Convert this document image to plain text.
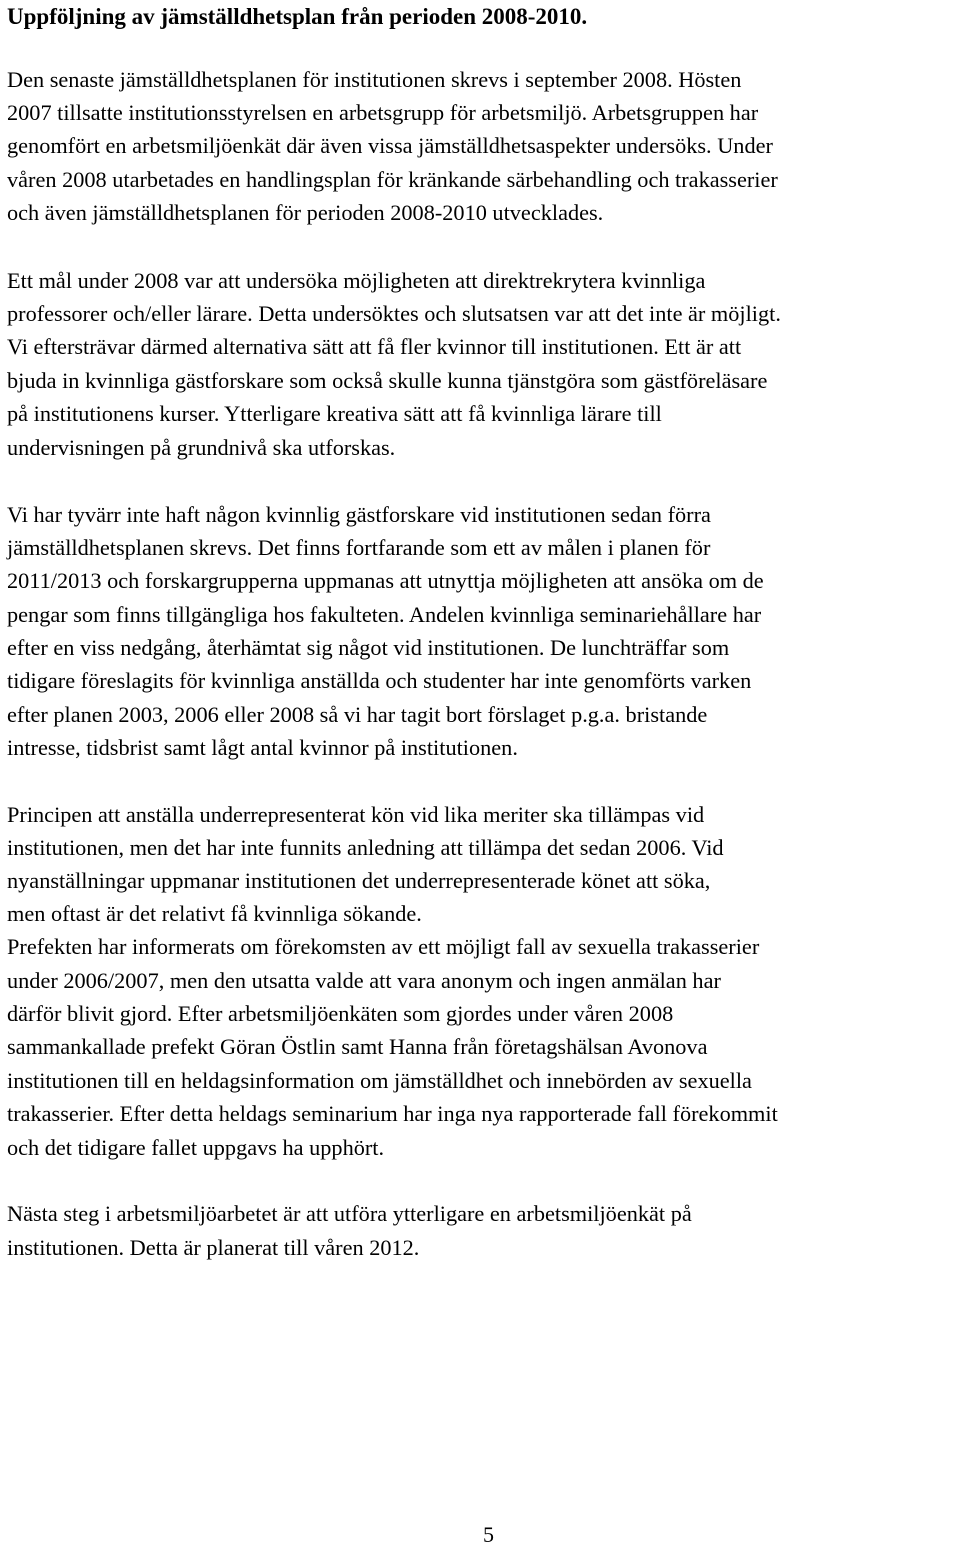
Uppföljning av jämställdhetsplan från perioden 2008-2010.

Den senaste jämställdhetsplanen för institutionen skrevs i september 2008. Hösten

2007 tillsatte institutionsstyrelsen en arbetsgrupp för arbetsmiljö. Arbetsgruppen har

genomfört en arbetsmiljöenkät där även vissa jämställdhetsaspekter undersöks. Under

våren 2008 utarbetades en handlingsplan för kränkande särbehandling och trakasserier

och även jämställdhetsplanen för perioden 2008-2010 utvecklades.

Ett mål under 2008 var att undersöka möjligheten att direktrekrytera kvinnliga

professorer och/eller lärare. Detta undersöktes och slutsatsen var att det inte är möjligt.

Vi eftersträvar därmed alternativa sätt att få fler kvinnor till institutionen. Ett är att

bjuda in kvinnliga gästforskare som också skulle kunna tjänstgöra som gästföreläsare

på institutionens kurser. Ytterligare kreativa sätt att få kvinnliga lärare till

undervisningen på grundnivå ska utforskas.

Vi har tyvärr inte haft någon kvinnlig gästforskare vid institutionen sedan förra

jämställdhetsplanen skrevs. Det finns fortfarande som ett av målen i planen för

2011/2013 och forskargrupperna uppmanas att utnyttja möjligheten att ansöka om de

pengar som finns tillgängliga hos fakulteten. Andelen kvinnliga seminariehållare har

efter en viss nedgång, återhämtat sig något vid institutionen. De lunchträffar som

tidigare föreslagits för kvinnliga anställda och studenter har inte genomförts varken

efter planen 2003, 2006 eller 2008 så vi har tagit bort förslaget p.g.a. bristande

intresse, tidsbrist samt lågt antal kvinnor på institutionen.

Principen att anställa underrepresenterat kön vid lika meriter ska tillämpas vid

institutionen, men det har inte funnits anledning att tillämpa det sedan 2006. Vid

nyanställningar uppmanar institutionen det underrepresenterade könet att söka,

men oftast är det relativt få kvinnliga sökande.

Prefekten har informerats om förekomsten av ett möjligt fall av sexuella trakasserier

under 2006/2007, men den utsatta valde att vara anonym och ingen anmälan har

därför blivit gjord. Efter arbetsmiljöenkäten som gjordes under våren 2008

sammankallade prefekt Göran Östlin samt Hanna från företagshälsan Avonova

institutionen till en heldagsinformation om jämställdhet och innebörden av sexuella

trakasserier. Efter detta heldags seminarium har inga nya rapporterade fall förekommit

och det tidigare fallet uppgavs ha upphört.

Nästa steg i arbetsmiljöarbetet är att utföra ytterligare en arbetsmiljöenkät på

institutionen. Detta är planerat till våren 2012.

5
